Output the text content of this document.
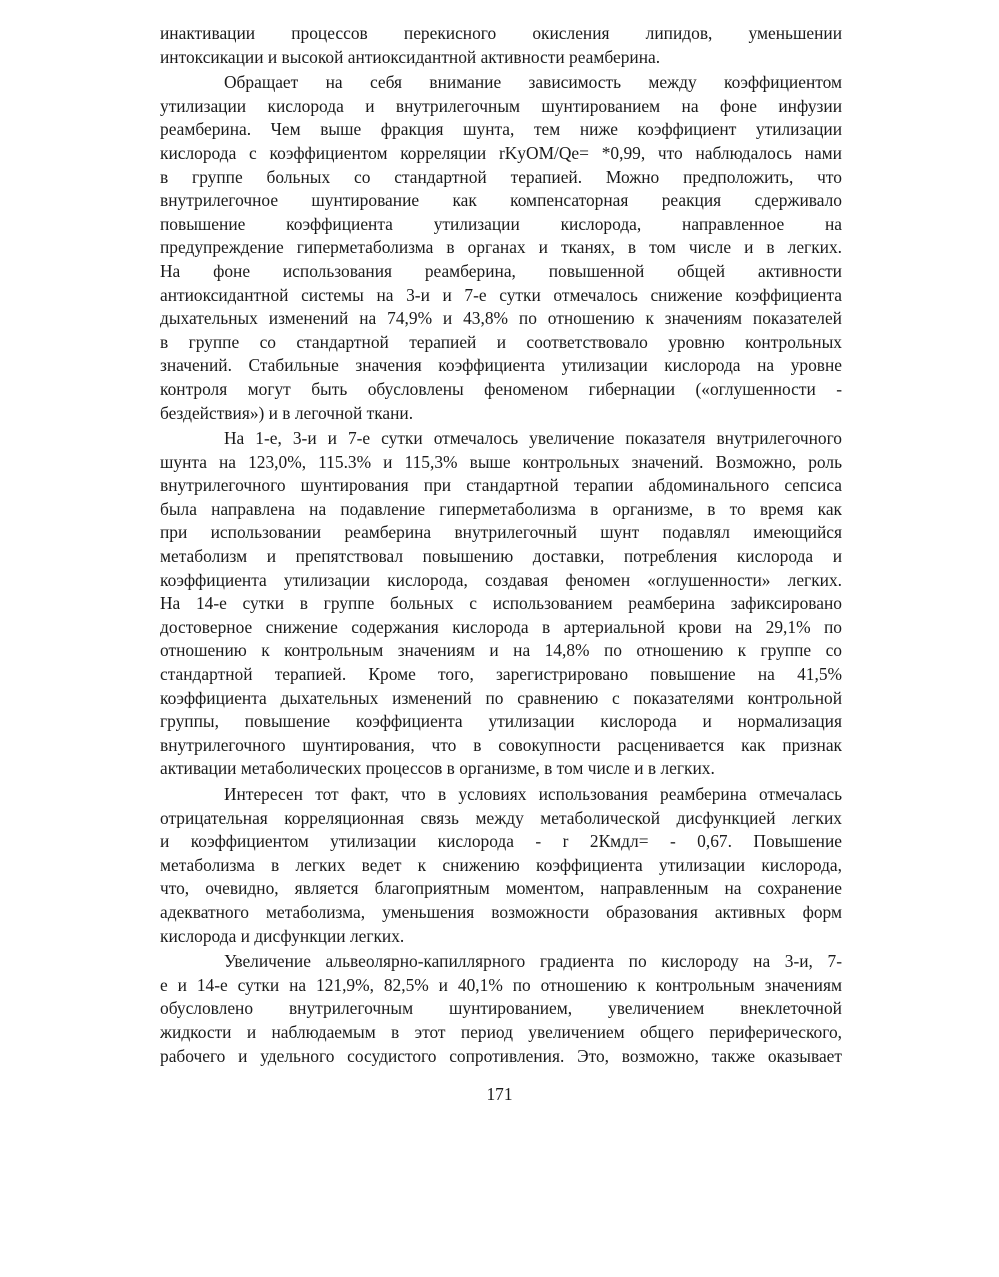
инактивации процессов перекисного окисления липидов, уменьшении
интоксикации и высокой антиоксидантной активности реамберина.
Обращает на себя внимание зависимость между коэффициентом
утилизации кислорода и внутрилегочным шунтированием на фоне инфузии
реамберина. Чем выше фракция шунта, тем ниже коэффициент утилизации
кислорода с коэффициентом корреляции rKyOM/Qe= *0,99, что наблюдалось нами
в группе больных со стандартной терапией. Можно предположить, что
внутрилегочное шунтирование как компенсаторная реакция сдерживало
повышение коэффициента утилизации кислорода, направленное на
предупреждение гиперметаболизма в органах и тканях, в том числе и в легких.
На фоне использования реамберина, повышенной общей активности
антиоксидантной системы на 3-и и 7-е сутки отмечалось снижение коэффициента
дыхательных изменений на 74,9% и 43,8% по отношению к значениям показателей
в группе со стандартной терапией и соответствовало уровню контрольных
значений. Стабильные значения коэффициента утилизации кислорода на уровне
контроля могут быть обусловлены феноменом гибернации («оглушенности -
бездействия») и в легочной ткани.
На 1-е, 3-и и 7-е сутки отмечалось увеличение показателя внутрилегочного
шунта на 123,0%, 115.3% и 115,3% выше контрольных значений. Возможно, роль
внутрилегочного шунтирования при стандартной терапии абдоминального сепсиса
была направлена на подавление гиперметаболизма в организме, в то время как
при использовании реамберина внутрилегочный шунт подавлял имеющийся
метаболизм и препятствовал повышению доставки, потребления кислорода и
коэффициента утилизации кислорода, создавая феномен «оглушенности» легких.
На 14-е сутки в группе больных с использованием реамберина зафиксировано
достоверное снижение содержания кислорода в артериальной крови на 29,1% по
отношению к контрольным значениям и на 14,8% по отношению к группе со
стандартной терапией. Кроме того, зарегистрировано повышение на 41,5%
коэффициента дыхательных изменений по сравнению с показателями контрольной
группы, повышение коэффициента утилизации кислорода и нормализация
внутрилегочного шунтирования, что в совокупности расценивается как признак
активации метаболических процессов в организме, в том числе и в легких.
Интересен тот факт, что в условиях использования реамберина отмечалась
отрицательная корреляционная связь между метаболической дисфункцией легких
и коэффициентом утилизации кислорода - r 2Кмдл= - 0,67. Повышение
метаболизма в легких ведет к снижению коэффициента утилизации кислорода,
что, очевидно, является благоприятным моментом, направленным на сохранение
адекватного метаболизма, уменьшения возможности образования активных форм
кислорода и дисфункции легких.
Увеличение альвеолярно-капиллярного градиента по кислороду на 3-и, 7-
е и 14-е сутки на 121,9%, 82,5% и 40,1% по отношению к контрольным значениям
обусловлено внутрилегочным шунтированием, увеличением внеклеточной
жидкости и наблюдаемым в этот период увеличением общего периферического,
рабочего и удельного сосудистого сопротивления. Это, возможно, также оказывает
171
